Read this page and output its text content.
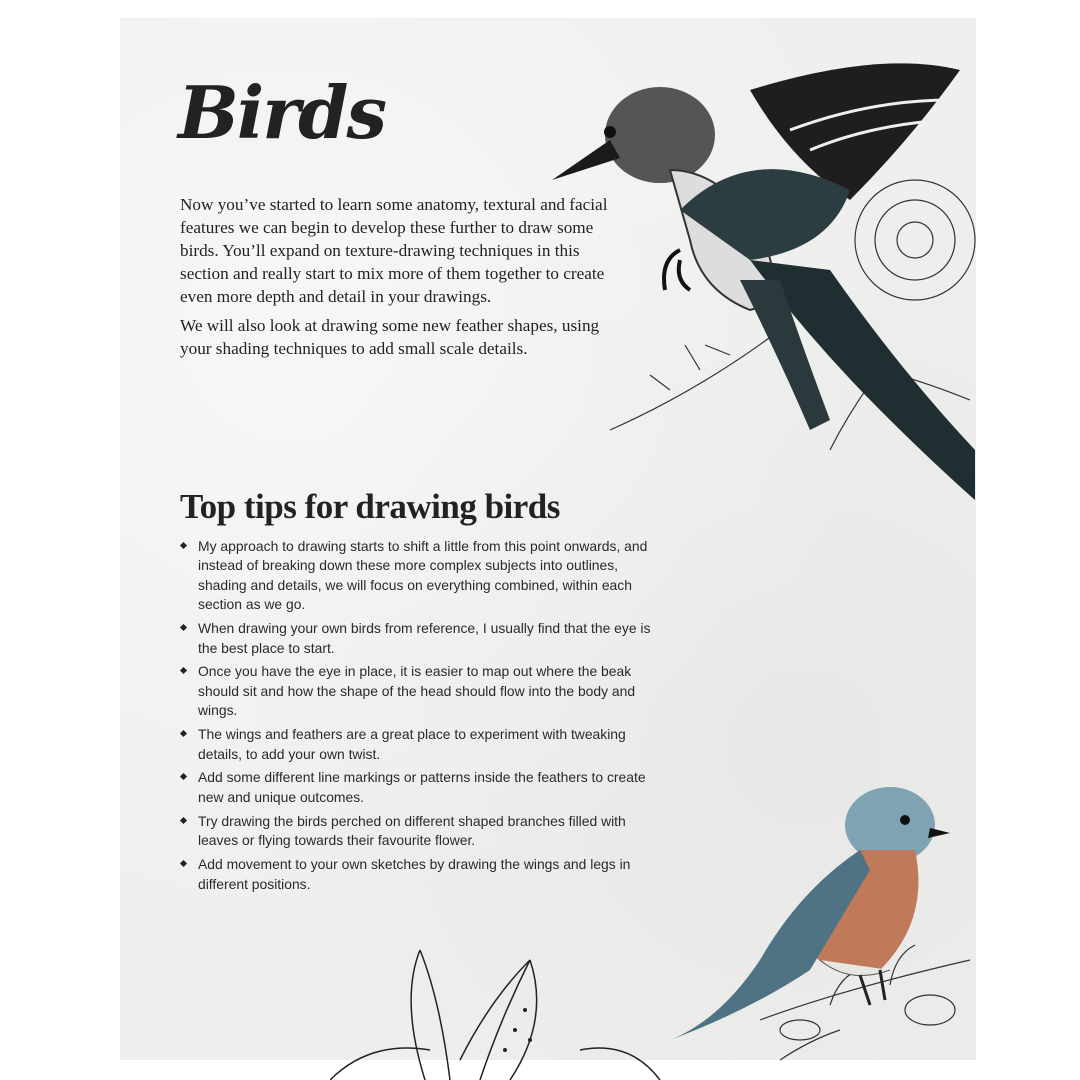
Birds

Now you’ve started to learn some anatomy, textural and facial features we can begin to develop these further to draw some birds. You’ll expand on texture-drawing techniques in this section and really start to mix more of them together to create even more depth and detail in your drawings.

We will also look at drawing some new feather shapes, using your shading techniques to add small scale details.

Top tips for drawing birds
My approach to drawing starts to shift a little from this point onwards, and instead of breaking down these more complex subjects into outlines, shading and details, we will focus on everything combined, within each section as we go.
When drawing your own birds from reference, I usually find that the eye is the best place to start.
Once you have the eye in place, it is easier to map out where the beak should sit and how the shape of the head should flow into the body and wings.
The wings and feathers are a great place to experiment with tweaking details, to add your own twist.
Add some different line markings or patterns inside the feathers to create new and unique outcomes.
Try drawing the birds perched on different shaped branches filled with leaves or flying towards their favourite flower.
Add movement to your own sketches by drawing the wings and legs in different positions.
